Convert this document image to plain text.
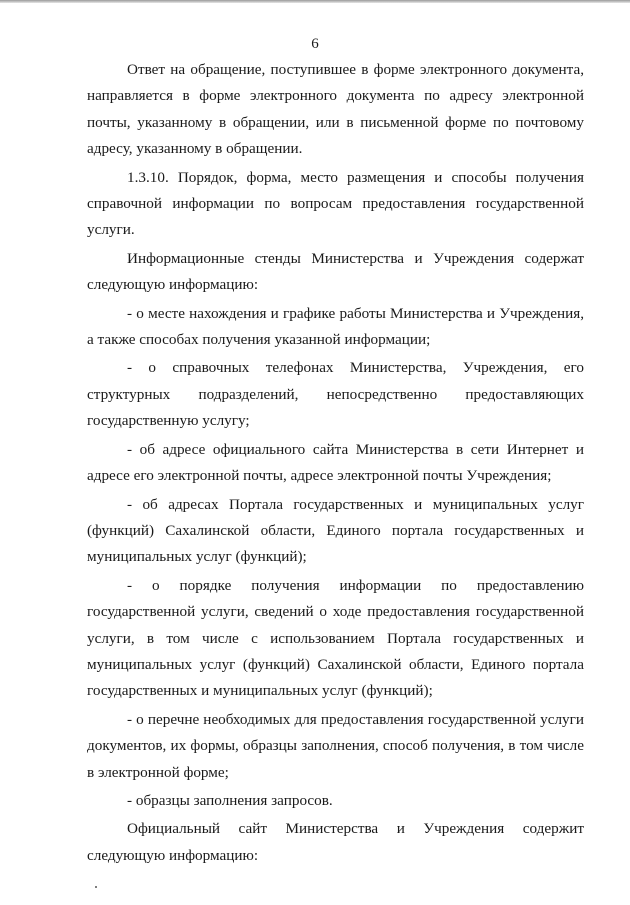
6

Ответ на обращение, поступившее в форме электронного документа, направляется в форме электронного документа по адресу электронной почты, указанному в обращении, или в письменной форме по почтовому адресу, указанному в обращении.

1.3.10. Порядок, форма, место размещения и способы получения справочной информации по вопросам предоставления государственной услуги.

Информационные стенды Министерства и Учреждения содержат следующую информацию:

- о месте нахождения и графике работы Министерства и Учреждения, а также способах получения указанной информации;

- о справочных телефонах Министерства, Учреждения, его структурных подразделений, непосредственно предоставляющих государственную услугу;

- об адресе официального сайта Министерства в сети Интернет и адресе его электронной почты, адресе электронной почты Учреждения;

- об адресах Портала государственных и муниципальных услуг (функций) Сахалинской области, Единого портала государственных и муниципальных услуг (функций);

- о порядке получения информации по предоставлению государственной услуги, сведений о ходе предоставления государственной услуги, в том числе с использованием Портала государственных и муниципальных услуг (функций) Сахалинской области, Единого портала государственных и муниципальных услуг (функций);

- о перечне необходимых для предоставления государственной услуги документов, их формы, образцы заполнения, способ получения, в том числе в электронной форме;

- образцы заполнения запросов.

Официальный сайт Министерства и Учреждения содержит следующую информацию:
